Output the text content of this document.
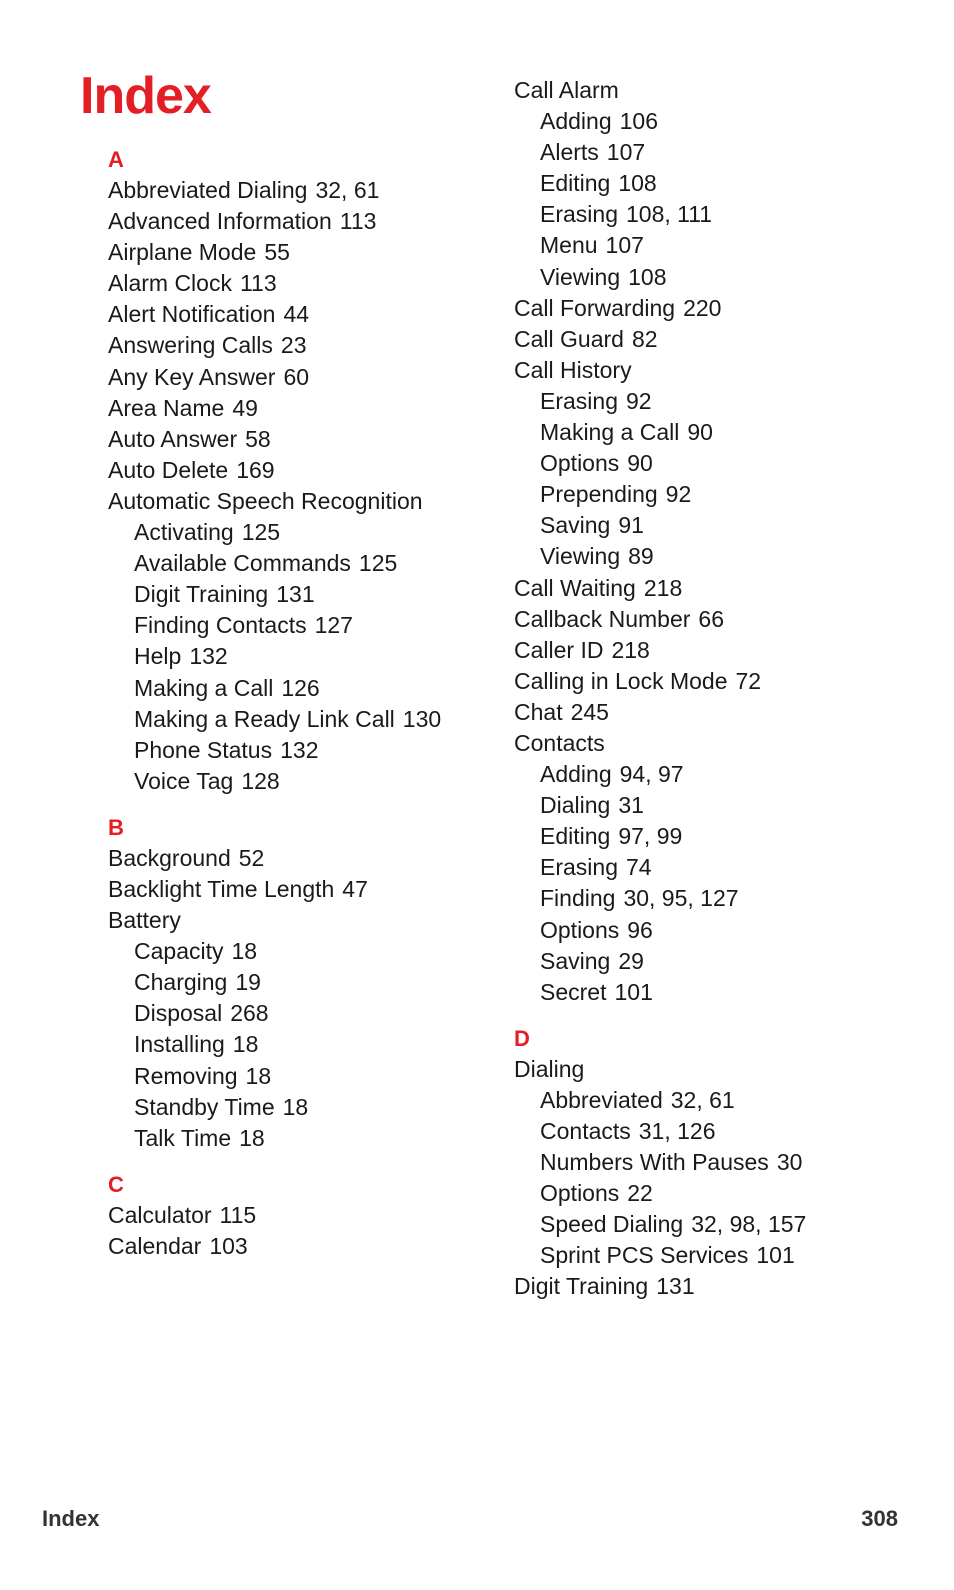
Index
A
Abbreviated Dialing 32, 61
Advanced Information 113
Airplane Mode 55
Alarm Clock 113
Alert Notification 44
Answering Calls 23
Any Key Answer 60
Area Name 49
Auto Answer 58
Auto Delete 169
Automatic Speech Recognition
Activating 125
Available Commands 125
Digit Training 131
Finding Contacts 127
Help 132
Making a Call 126
Making a Ready Link Call 130
Phone Status 132
Voice Tag 128
B
Background 52
Backlight Time Length 47
Battery
Capacity 18
Charging 19
Disposal 268
Installing 18
Removing 18
Standby Time 18
Talk Time 18
C
Calculator 115
Calendar 103
Call Alarm
Adding 106
Alerts 107
Editing 108
Erasing 108, 111
Menu 107
Viewing 108
Call Forwarding 220
Call Guard 82
Call History
Erasing 92
Making a Call 90
Options 90
Prepending 92
Saving 91
Viewing 89
Call Waiting 218
Callback Number 66
Caller ID 218
Calling in Lock Mode 72
Chat 245
Contacts
Adding 94, 97
Dialing 31
Editing 97, 99
Erasing 74
Finding 30, 95, 127
Options 96
Saving 29
Secret 101
D
Dialing
Abbreviated 32, 61
Contacts 31, 126
Numbers With Pauses 30
Options 22
Speed Dialing 32, 98, 157
Sprint PCS Services 101
Digit Training 131
Index	308
